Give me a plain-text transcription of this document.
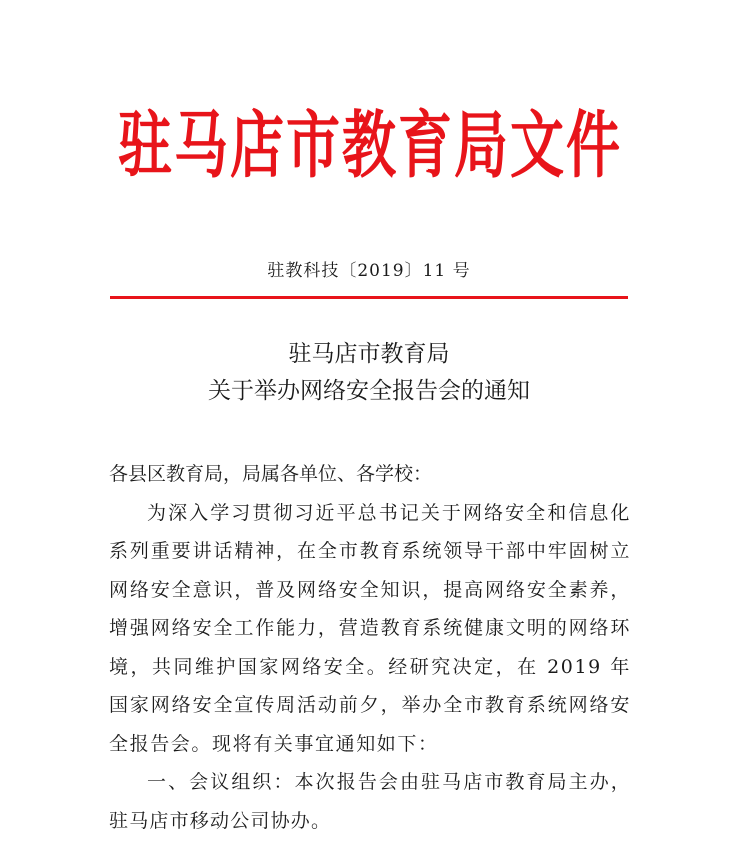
驻马店市教育局文件
驻教科技〔2019〕11 号
驻马店市教育局
关于举办网络安全报告会的通知
各县区教育局，局属各单位、各学校：

为深入学习贯彻习近平总书记关于网络安全和信息化系列重要讲话精神，在全市教育系统领导干部中牢固树立网络安全意识，普及网络安全知识，提高网络安全素养，增强网络安全工作能力，营造教育系统健康文明的网络环境，共同维护国家网络安全。经研究决定，在 2019 年国家网络安全宣传周活动前夕，举办全市教育系统网络安全报告会。现将有关事宜通知如下：

一、会议组织：本次报告会由驻马店市教育局主办，驻马店市移动公司协办。
